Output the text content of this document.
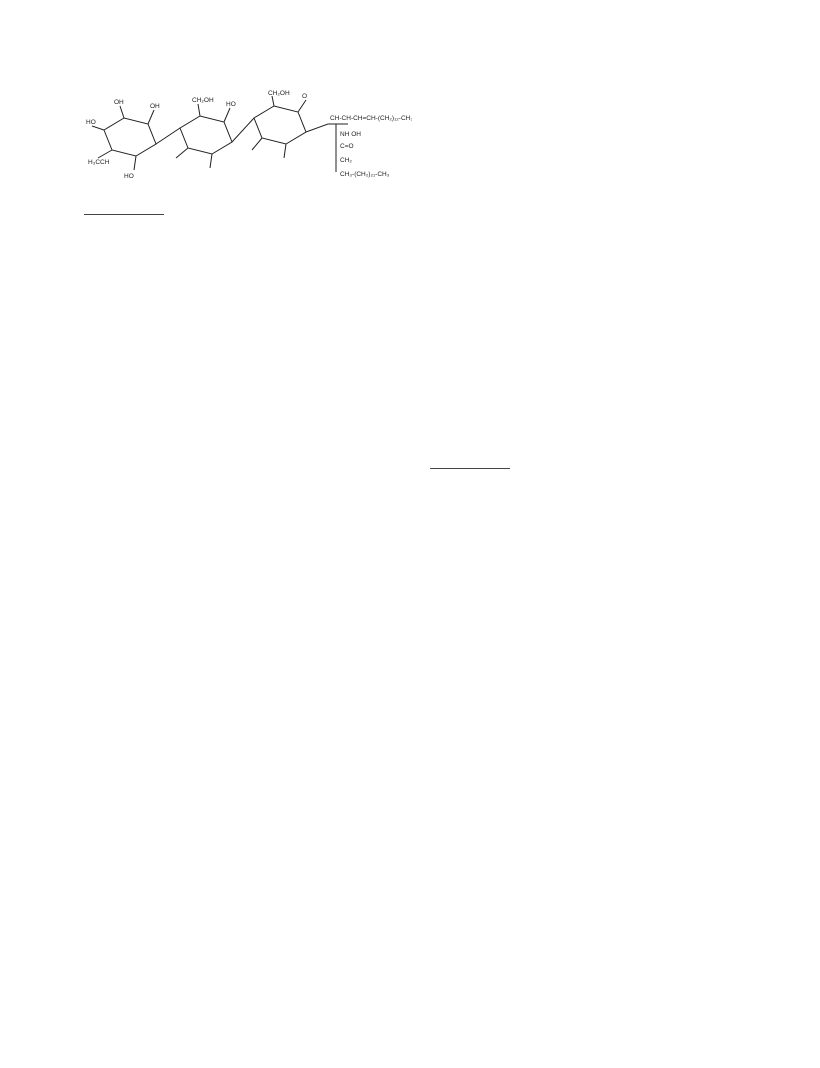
CH-CH-CH=CH-(CH₂)₁₂-CH₃
NH OH
C=O
CH₂
CH₃-(CH₂)₂₁-CH₃
HO
OH
OH
H₃CCH
HO
CH₂OH
HO
CH₂OH O
